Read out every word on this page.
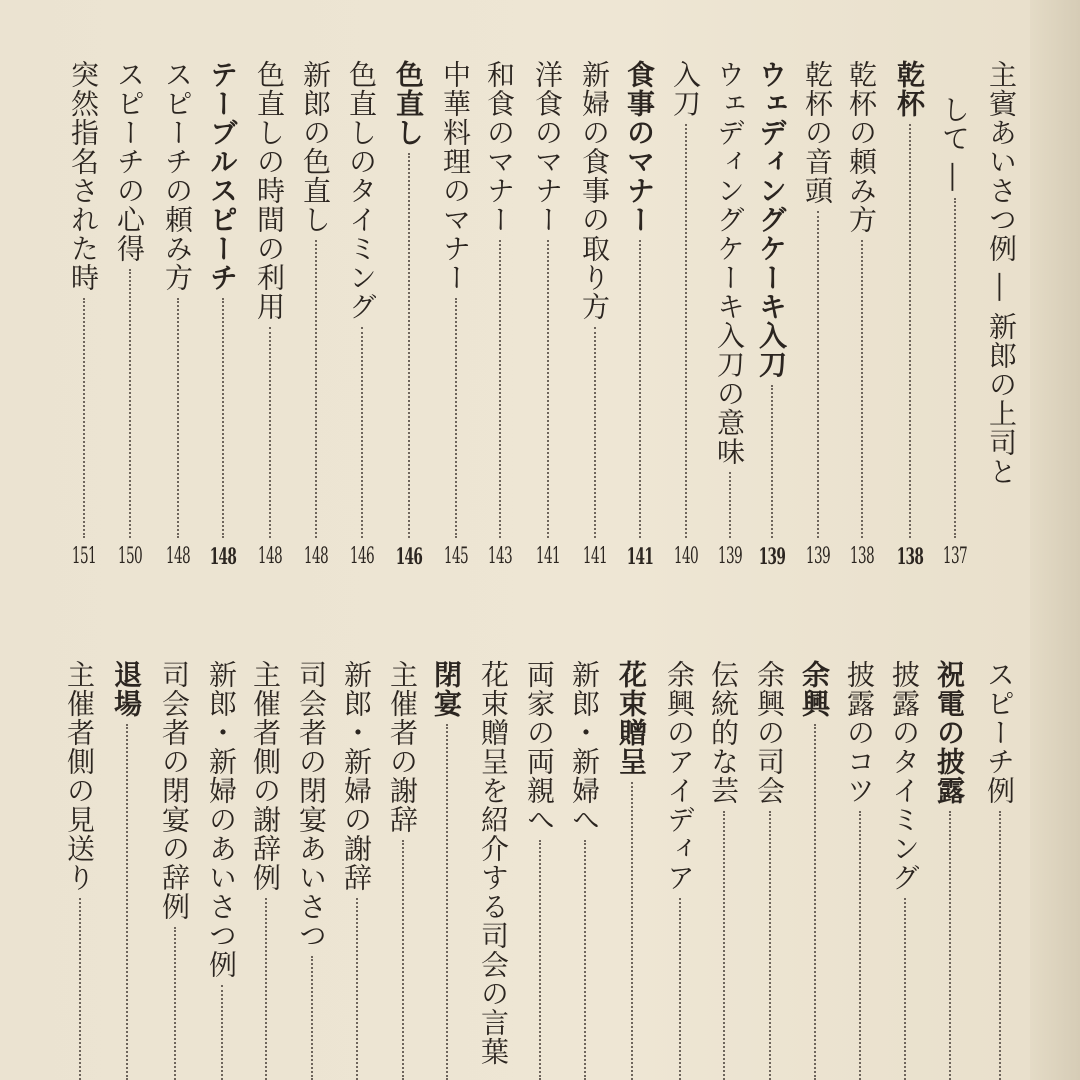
主賓あいさつ例 ― 新郎の上司と
して ―
137
乾杯
138
乾杯の頼み方
138
乾杯の音頭
139
ウェディングケーキ入刀
139
ウェディングケーキ入刀の意味
139
入刀
140
食事のマナー
141
新婦の食事の取り方
141
洋食のマナー
141
和食のマナー
143
中華料理のマナー
145
色直し
146
色直しのタイミング
146
新郎の色直し
148
色直しの時間の利用
148
テーブルスピーチ
148
スピーチの頼み方
148
スピーチの心得
150
突然指名された時
151
スピーチ例
祝電の披露
披露のタイミング
披露のコツ
余興
余興の司会
伝統的な芸
余興のアイディア
花束贈呈
新郎・新婦へ
両家の両親へ
花束贈呈を紹介する司会の言葉
閉宴
主催者の謝辞
新郎・新婦の謝辞
司会者の閉宴あいさつ
主催者側の謝辞例
新郎・新婦のあいさつ例
司会者の閉宴の辞例
退場
主催者側の見送り
